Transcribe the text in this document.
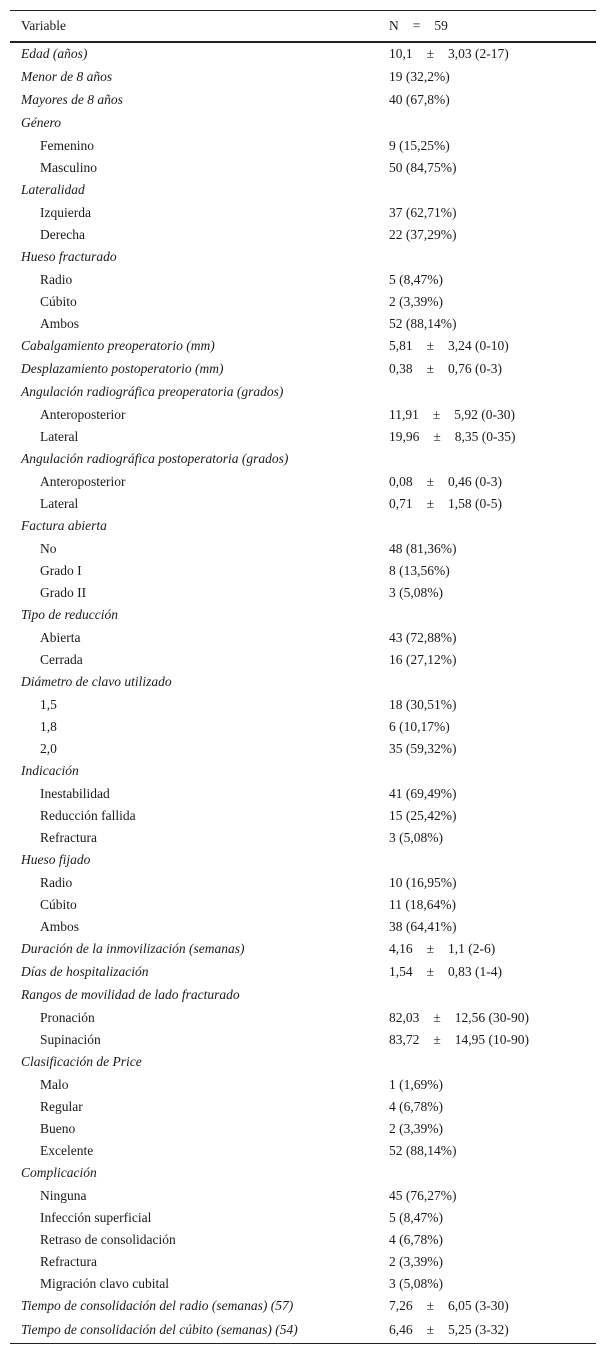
Variable	N = 59
Edad (años)	10,1 ± 3,03 (2-17)
Menor de 8 años	19 (32,2%)
Mayores de 8 años	40 (67,8%)
Género	
Femenino	9 (15,25%)
Masculino	50 (84,75%)
Lateralidad	
Izquierda	37 (62,71%)
Derecha	22 (37,29%)
Hueso fracturado	
Radio	5 (8,47%)
Cúbito	2 (3,39%)
Ambos	52 (88,14%)
Cabalgamiento preoperatorio (mm)	5,81 ± 3,24 (0-10)
Desplazamiento postoperatorio (mm)	0,38 ± 0,76 (0-3)
Angulación radiográfica preoperatoria (grados)	
Anteroposterior	11,91 ± 5,92 (0-30)
Lateral	19,96 ± 8,35 (0-35)
Angulación radiográfica postoperatoria (grados)	
Anteroposterior	0,08 ± 0,46 (0-3)
Lateral	0,71 ± 1,58 (0-5)
Factura abierta	
No	48 (81,36%)
Grado I	8 (13,56%)
Grado II	3 (5,08%)
Tipo de reducción	
Abierta	43 (72,88%)
Cerrada	16 (27,12%)
Diámetro de clavo utilizado	
1,5	18 (30,51%)
1,8	6 (10,17%)
2,0	35 (59,32%)
Indicación	
Inestabilidad	41 (69,49%)
Reducción fallida	15 (25,42%)
Refractura	3 (5,08%)
Hueso fijado	
Radio	10 (16,95%)
Cúbito	11 (18,64%)
Ambos	38 (64,41%)
Duración de la inmovilización (semanas)	4,16 ± 1,1 (2-6)
Días de hospitalización	1,54 ± 0,83 (1-4)
Rangos de movilidad de lado fracturado	
Pronación	82,03 ± 12,56 (30-90)
Supinación	83,72 ± 14,95 (10-90)
Clasificación de Price	
Malo	1 (1,69%)
Regular	4 (6,78%)
Bueno	2 (3,39%)
Excelente	52 (88,14%)
Complicación	
Ninguna	45 (76,27%)
Infección superficial	5 (8,47%)
Retraso de consolidación	4 (6,78%)
Refractura	2 (3,39%)
Migración clavo cubital	3 (5,08%)
Tiempo de consolidación del radio (semanas) (57)	7,26 ± 6,05 (3-30)
Tiempo de consolidación del cúbito (semanas) (54)	6,46 ± 5,25 (3-32)
